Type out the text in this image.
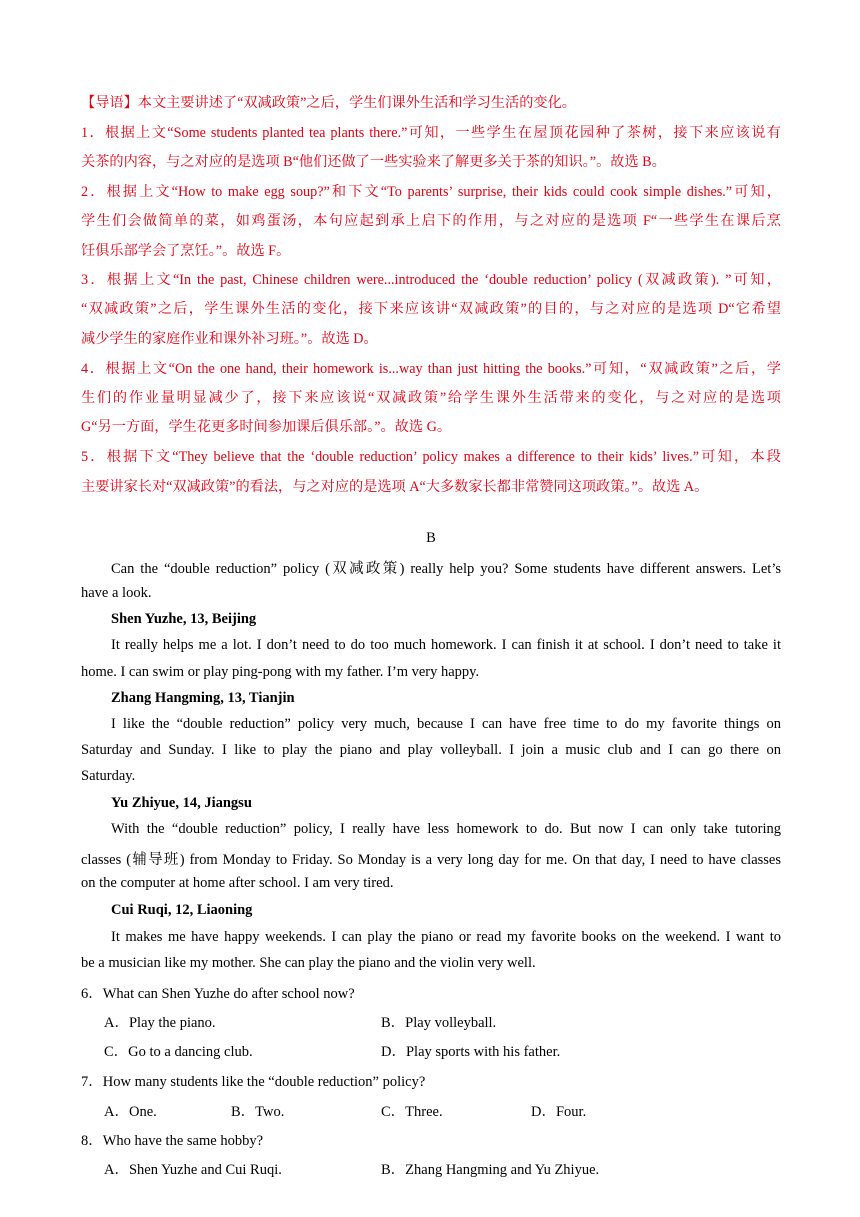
【导语】本文主要讲述了“双减政策”之后，学生们课外生活和学习生活的变化。
1．根据上文“Some students planted tea plants there.”可知，一些学生在屋顶花园种了茶树，接下来应该说有
关茶的内容，与之对应的是选项 B“他们还做了一些实验来了解更多关于茶的知识。”。故选 B。
2．根据上文“How to make egg soup?”和下文“To parents’ surprise, their kids could cook simple dishes.”可知，
学生们会做简单的菜，如鸡蛋汤，本句应起到承上启下的作用，与之对应的是选项 F“一些学生在课后烹
饪俱乐部学会了烹饪。”。故选 F。
3．根据上文“In the past, Chinese children were...introduced the ‘double reduction’ policy (双减政策). ”可知，
“双减政策”之后，学生课外生活的变化，接下来应该讲“双减政策”的目的，与之对应的是选项 D“它希望
减少学生的家庭作业和课外补习班。”。故选 D。
4．根据上文“On the one hand, their homework is...way than just hitting the books.”可知，“双减政策”之后，学
生们的作业量明显减少了，接下来应该说“双减政策”给学生课外生活带来的变化，与之对应的是选项
G“另一方面，学生花更多时间参加课后俱乐部。”。故选 G。
5．根据下文“They believe that the ‘double reduction’ policy makes a difference to their kids’ lives.”可知，本段
主要讲家长对“双减政策”的看法，与之对应的是选项 A“大多数家长都非常赞同这项政策。”。故选 A。
B
Can the “double reduction” policy (双减政策) really help you? Some students have different answers. Let’s
have a look.
Shen Yuzhe, 13, Beijing
It really helps me a lot. I don’t need to do too much homework. I can finish it at school. I don’t need to take it
home. I can swim or play ping-pong with my father. I’m very happy.
Zhang Hangming, 13, Tianjin
I like the “double reduction” policy very much, because I can have free time to do my favorite things on
Saturday and Sunday. I like to play the piano and play volleyball. I join a music club and I can go there on
Saturday.
Yu Zhiyue, 14, Jiangsu
With the “double reduction” policy, I really have less homework to do. But now I can only take tutoring
classes (辅导班) from Monday to Friday. So Monday is a very long day for me. On that day, I need to have classes
on the computer at home after school. I am very tired.
Cui Ruqi, 12, Liaoning
It makes me have happy weekends. I can play the piano or read my favorite books on the weekend. I want to
be a musician like my mother. She can play the piano and the violin very well.
6．What can Shen Yuzhe do after school now?
A．Play the piano.	B．Play volleyball.
C．Go to a dancing club.	D．Play sports with his father.
7．How many students like the “double reduction” policy?
A．One.	B．Two.	C．Three.	D．Four.
8．Who have the same hobby?
A．Shen Yuzhe and Cui Ruqi.	B．Zhang Hangming and Yu Zhiyue.
